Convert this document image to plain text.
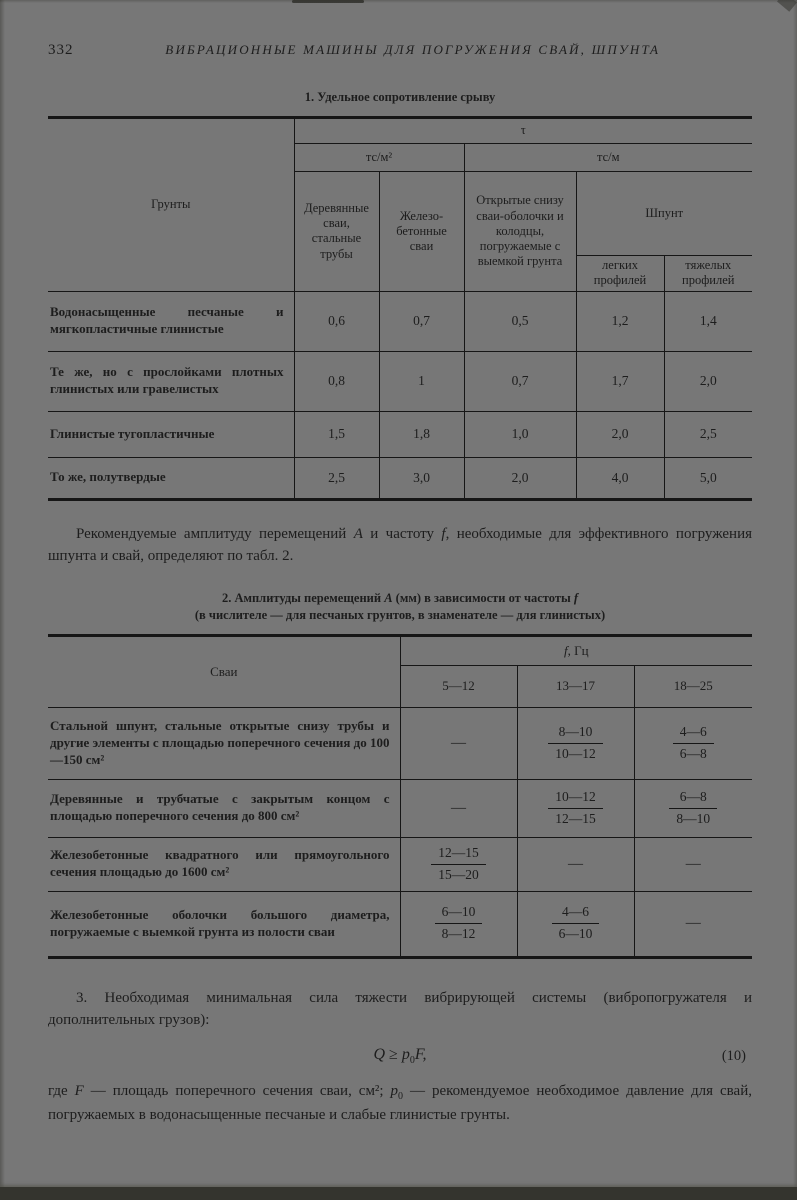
332	ВИБРАЦИОННЫЕ МАШИНЫ ДЛЯ ПОГРУЖЕНИЯ СВАЙ, ШПУНТА
1. Удельное сопротивление срыву
Грунты	τ				
	тс/м²		тс/м		
	Деревянные сваи, стальные трубы	Железобетонные сваи	Открытые снизу сваи-оболочки и колодцы, погружаемые с выемкой грунта	Шпунт	
				легких профилей	тяжелых профилей
Водонасыщенные песчаные и мягкопластичные глинистые	0,6	0,7	0,5	1,2	1,4
Те же, но с прослойками плотных глинистых или гравелистых	0,8	1	0,7	1,7	2,0
Глинистые тугопластичные	1,5	1,8	1,0	2,0	2,5
То же, полутвердые	2,5	3,0	2,0	4,0	5,0

Рекомендуемые амплитуду перемещений А и частоту f, необходимые для эффективного погружения шпунта и свай, определяют по табл. 2.

2. Амплитуды перемещений А (мм) в зависимости от частоты f
(в числителе — для песчаных грунтов, в знаменателе — для глинистых)
Сваи	f, Гц		
	5—12	13—17	18—25
Стальной шпунт, стальные открытые снизу трубы и другие элементы с площадью поперечного сечения до 100—150 см²	—	$\frac{8—10}{10—12}$	$\frac{4—6}{6—8}$

Деревянные и трубчатые с закрытым концом с площадью поперечного сечения до 800 см²	—	$\frac{10—12}{12—15}$	$\frac{6—8}{8—10}$

Железобетонные квадратного или прямоугольного сечения площадью до 1600 см²	$\frac{12—15}{15—20}$	—	—
Железобетонные оболочки большого диаметра, погружаемые с выемкой грунта из полости сваи	$\frac{6—10}{8—12}$	$\frac{4—6}{6—10}$	—

3. Необходимая минимальная сила тяжести вибрирующей системы (вибропогружателя и дополнительных грузов):

$Q \ge p_0F$,	(10)

где F — площадь поперечного сечения сваи, см²; $p_0$ — рекомендуемое необходимое давление для свай, погружаемых в водонасыщенные песчаные и слабые глинистые грунты.
